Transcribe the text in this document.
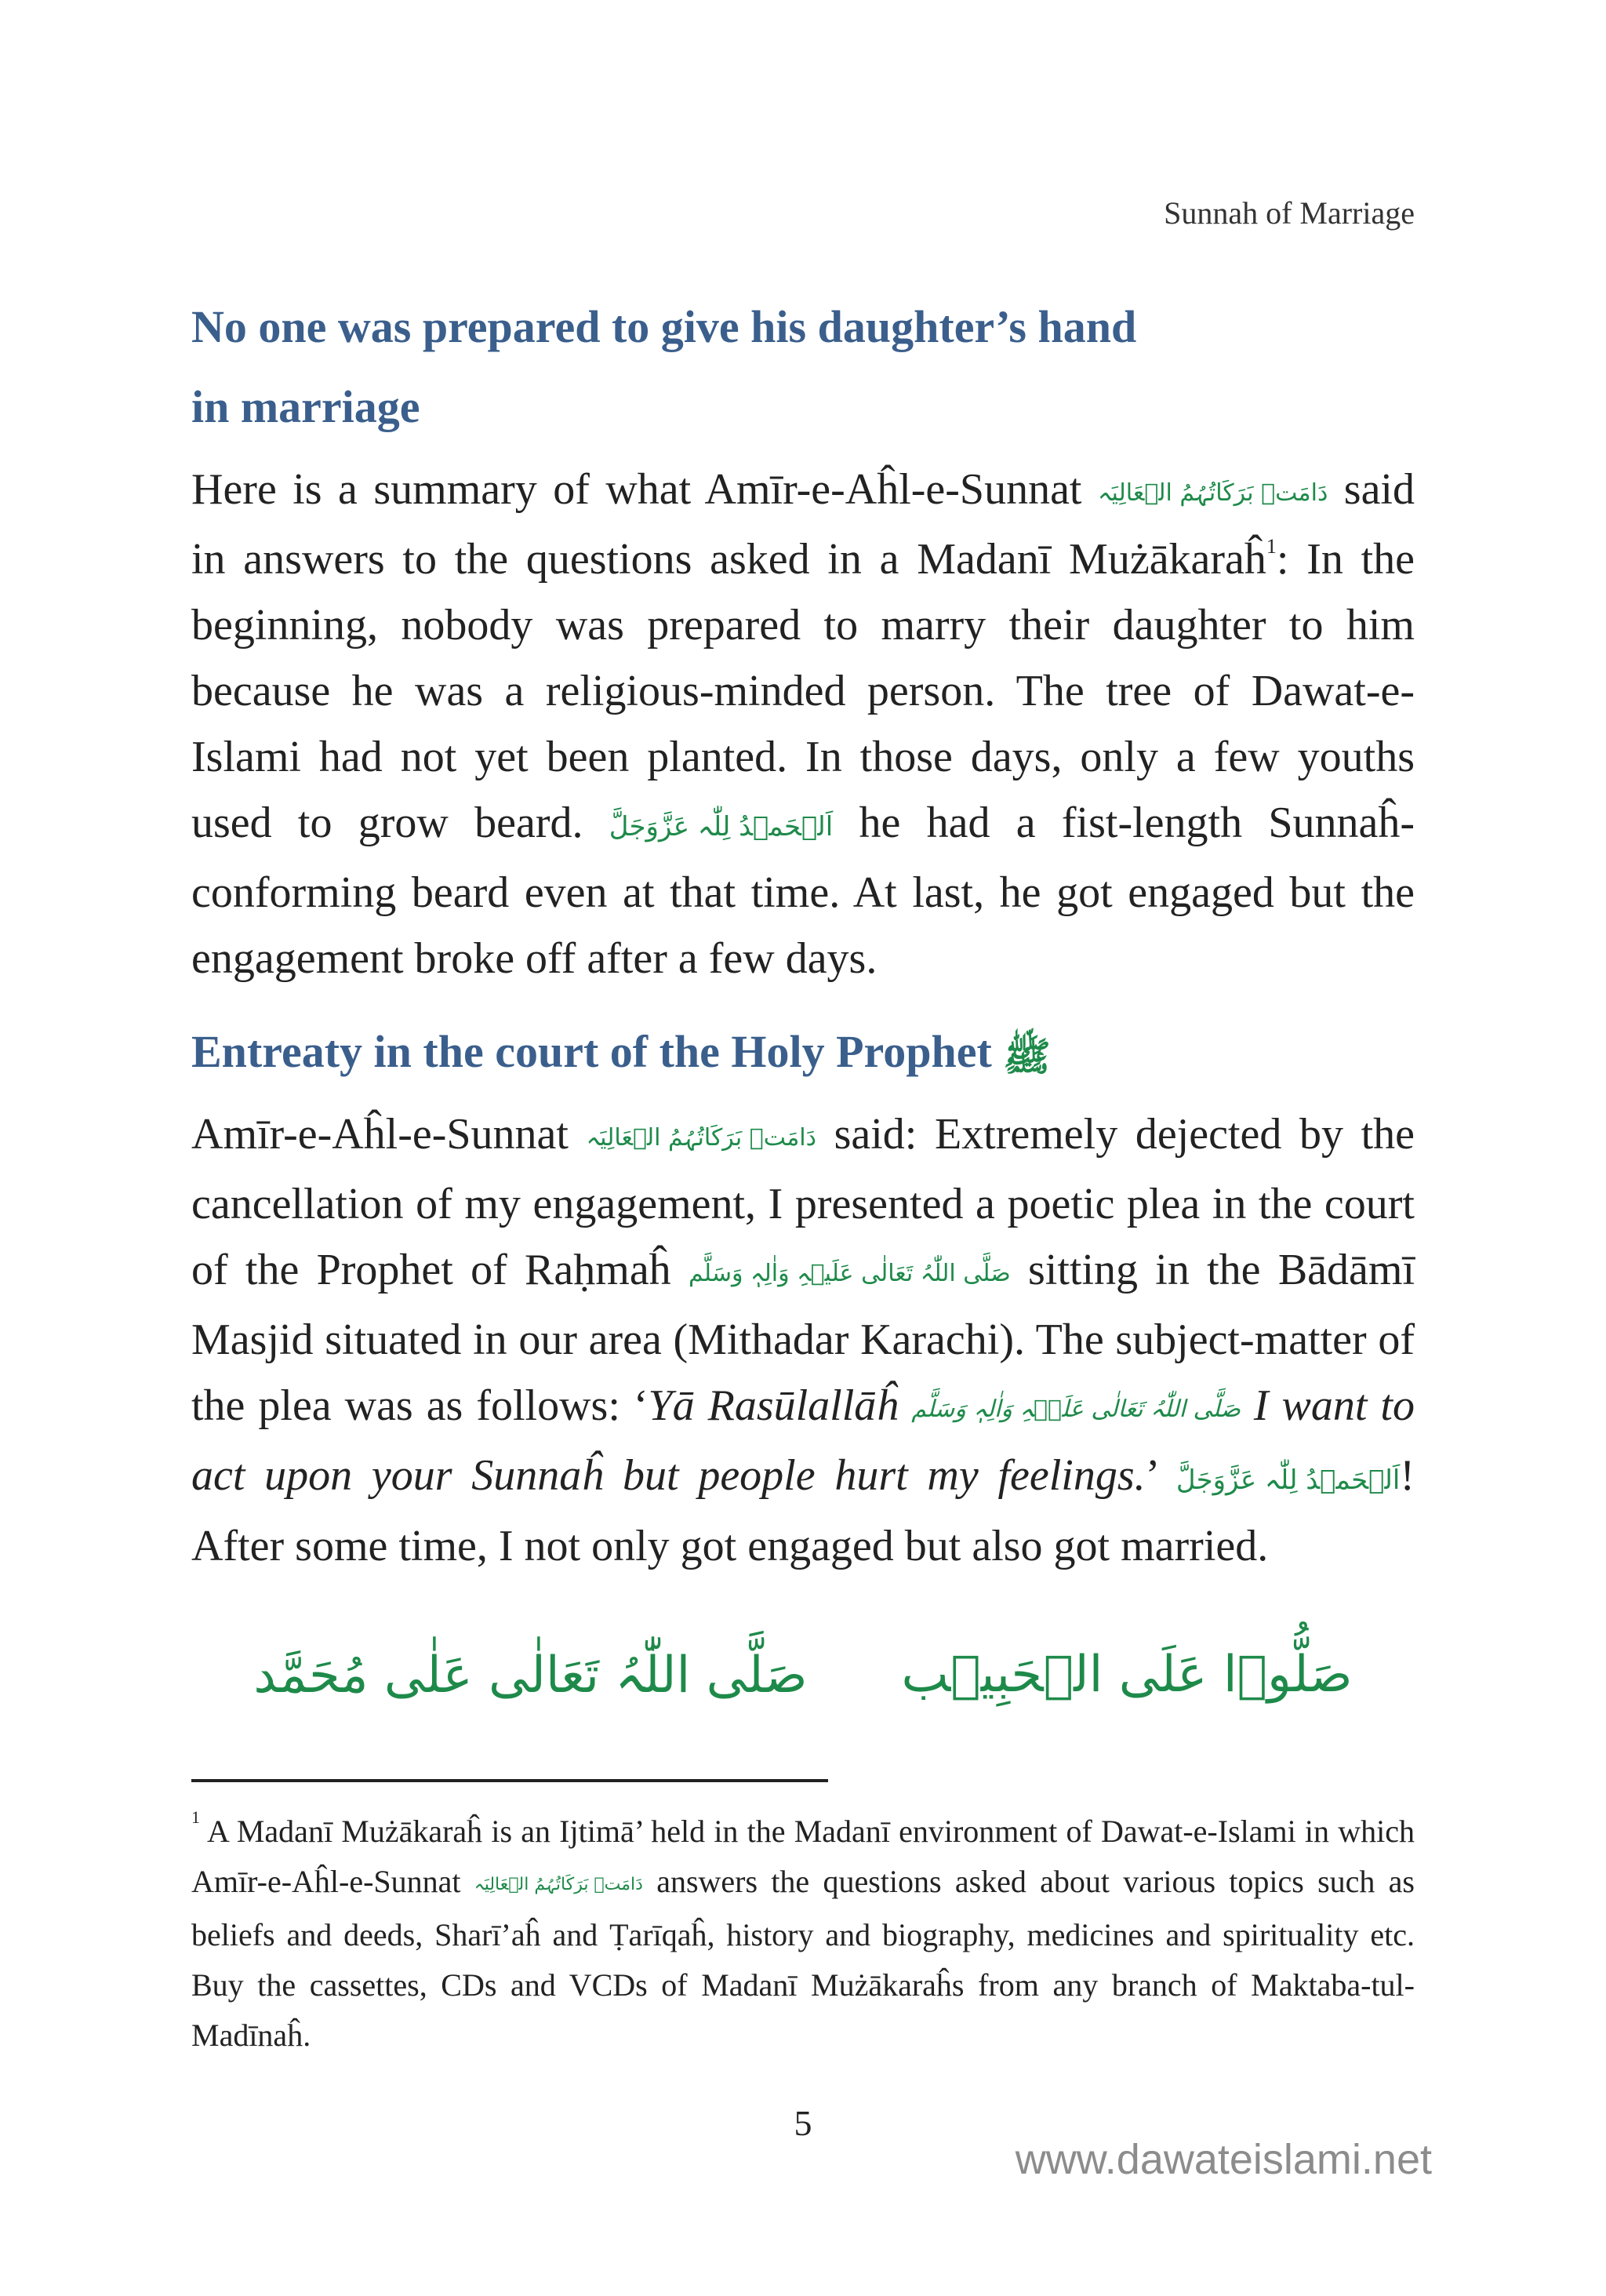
Sunnah of Marriage
No one was prepared to give his daughter’s hand
in marriage

Here is a summary of what Amīr-e-Aĥl-e-Sunnat دَامَتۡ بَرَکَاتُہُمُ الۡعَالِیَہ said in answers to the questions asked in a Madanī Mużākaraĥ$^1$: In the beginning, nobody was prepared to marry their daughter to him because he was a religious-minded person. The tree of Dawat-e-Islami had not yet been planted. In those days, only a few youths used to grow beard. اَلۡحَمۡدُ لِلّٰہ عَزَّوَجَلَّ he had a fist-length Sunnaĥ-conforming beard even at that time. At last, he got engaged but the engagement broke off after a few days.

Entreaty in the court of the Holy Prophet ﷺ

Amīr-e-Aĥl-e-Sunnat دَامَتۡ بَرَکَاتُہُمُ الۡعَالِیَہ said: Extremely dejected by the cancellation of my engagement, I presented a poetic plea in the court of the Prophet of Raḥmaĥ صَلَّی اللّٰہُ تَعَالٰی عَلَیۡہِ وَاٰلِہٖ وَسَلَّم sitting in the Bādāmī Masjid situated in our area (Mithadar Karachi). The subject-matter of the plea was as follows: ‘Yā Rasūlallāĥ صَلَّی اللّٰہُ تَعَالٰی عَلَیۡہِ وَاٰلِہٖ وَسَلَّم I want to act upon your Sunnaĥ but people hurt my feelings.’ اَلۡحَمۡدُ لِلّٰہ عَزَّوَجَلَّ! After some time, I not only got engaged but also got married.

صَلُّوۡا عَلَی الۡحَبِیۡب
صَلَّی اللّٰہُ تَعَالٰی عَلٰی مُحَمَّد

$^1$ A Madanī Mużākaraĥ is an Ijtimā’ held in the Madanī environment of Dawat-e-Islami in which Amīr-e-Aĥl-e-Sunnat دَامَتۡ بَرَکَاتُہُمُ الۡعَالِیَہ answers the questions asked about various topics such as beliefs and deeds, Sharī’aĥ and Ṭarīqaĥ, history and biography, medicines and spirituality etc. Buy the cassettes, CDs and VCDs of Madanī Mużākaraĥs from any branch of Maktaba-tul-Madīnaĥ.

5
www.dawateislami.net
